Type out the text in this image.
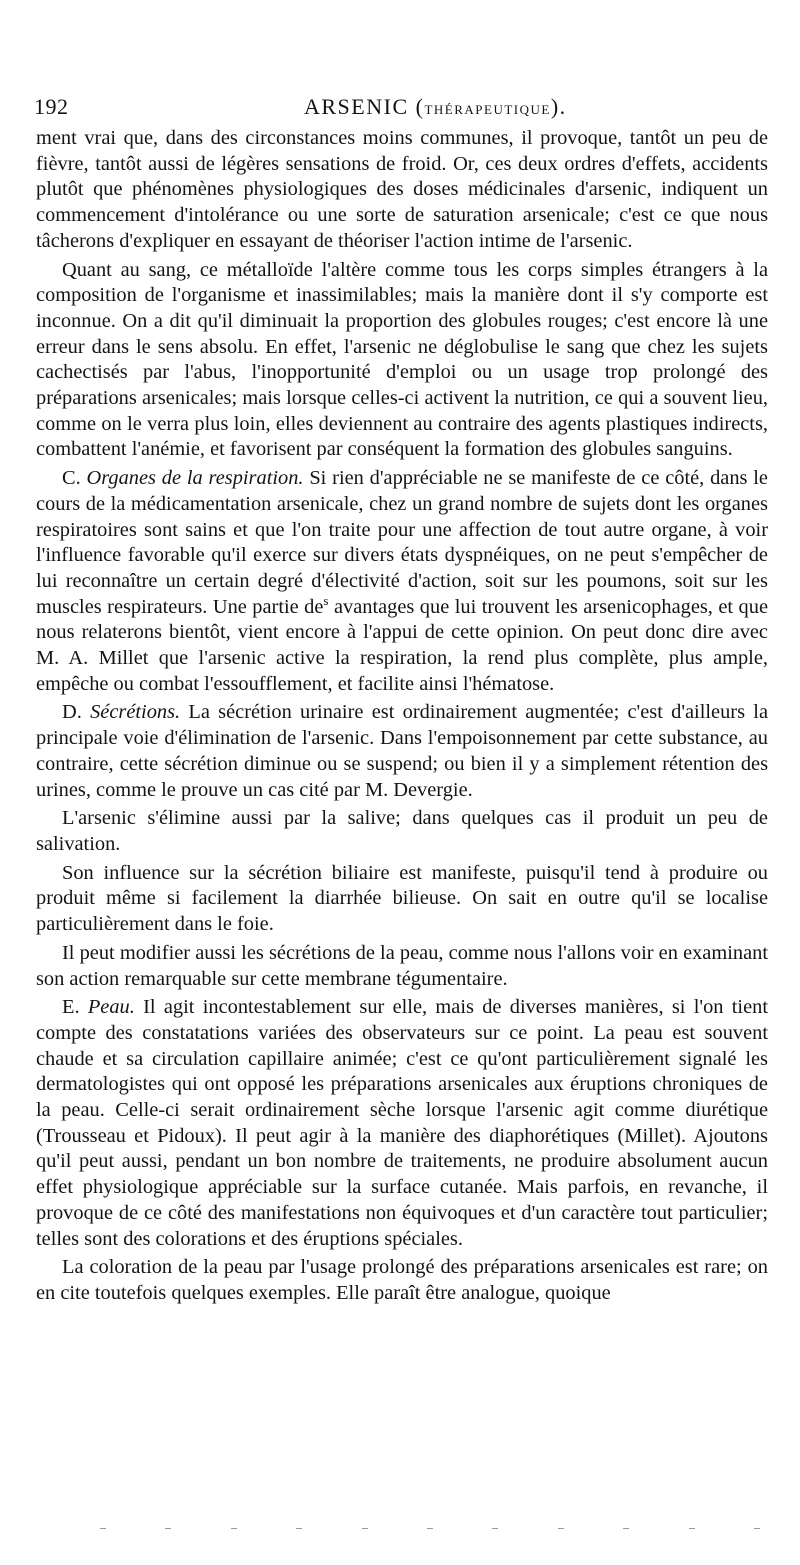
192	ARSENIC (THÉRAPEUTIQUE).

ment vrai que, dans des circonstances moins communes, il provoque, tantôt un peu de fièvre, tantôt aussi de légères sensations de froid. Or, ces deux ordres d'effets, accidents plutôt que phénomènes physiologiques des doses médicinales d'arsenic, indiquent un commencement d'intolérance ou une sorte de saturation arsenicale; c'est ce que nous tâcherons d'expliquer en essayant de théoriser l'action intime de l'arsenic.

Quant au sang, ce métalloïde l'altère comme tous les corps simples étrangers à la composition de l'organisme et inassimilables; mais la manière dont il s'y comporte est inconnue. On a dit qu'il diminuait la proportion des globules rouges; c'est encore là une erreur dans le sens absolu. En effet, l'arsenic ne déglobulise le sang que chez les sujets cachectisés par l'abus, l'inopportunité d'emploi ou un usage trop prolongé des préparations arsenicales; mais lorsque celles-ci activent la nutrition, ce qui a souvent lieu, comme on le verra plus loin, elles deviennent au contraire des agents plastiques indirects, combattent l'anémie, et favorisent par conséquent la formation des globules sanguins.

C. Organes de la respiration. Si rien d'appréciable ne se manifeste de ce côté, dans le cours de la médicamentation arsenicale, chez un grand nombre de sujets dont les organes respiratoires sont sains et que l'on traite pour une affection de tout autre organe, à voir l'influence favorable qu'il exerce sur divers états dyspnéiques, on ne peut s'empêcher de lui reconnaître un certain degré d'électivité d'action, soit sur les poumons, soit sur les muscles respirateurs. Une partie $de^s$ avantages que lui trouvent les arsenicophages, et que nous relaterons bientôt, vient encore à l'appui de cette opinion. On peut donc dire avec M. A. Millet que l'arsenic active la respiration, la rend plus complète, plus ample, empêche ou combat l'essoufflement, et facilite ainsi l'hématose.

D. Sécrétions. La sécrétion urinaire est ordinairement augmentée; c'est d'ailleurs la principale voie d'élimination de l'arsenic. Dans l'empoisonnement par cette substance, au contraire, cette sécrétion diminue ou se suspend; ou bien il y a simplement rétention des urines, comme le prouve un cas cité par M. Devergie.

L'arsenic s'élimine aussi par la salive; dans quelques cas il produit un peu de salivation.

Son influence sur la sécrétion biliaire est manifeste, puisqu'il tend à produire ou produit même si facilement la diarrhée bilieuse. On sait en outre qu'il se localise particulièrement dans le foie.

Il peut modifier aussi les sécrétions de la peau, comme nous l'allons voir en examinant son action remarquable sur cette membrane tégumentaire.

E. Peau. Il agit incontestablement sur elle, mais de diverses manières, si l'on tient compte des constatations variées des observateurs sur ce point. La peau est souvent chaude et sa circulation capillaire animée; c'est ce qu'ont particulièrement signalé les dermatologistes qui ont opposé les préparations arsenicales aux éruptions chroniques de la peau. Celle-ci serait ordinairement sèche lorsque l'arsenic agit comme diurétique (Trousseau et Pidoux). Il peut agir à la manière des diaphorétiques (Millet). Ajoutons qu'il peut aussi, pendant un bon nombre de traitements, ne produire absolument aucun effet physiologique appréciable sur la surface cutanée. Mais parfois, en revanche, il provoque de ce côté des manifestations non équivoques et d'un caractère tout particulier; telles sont des colorations et des éruptions spéciales.

La coloration de la peau par l'usage prolongé des préparations arsenicales est rare; on en cite toutefois quelques exemples. Elle paraît être analogue, quoique
